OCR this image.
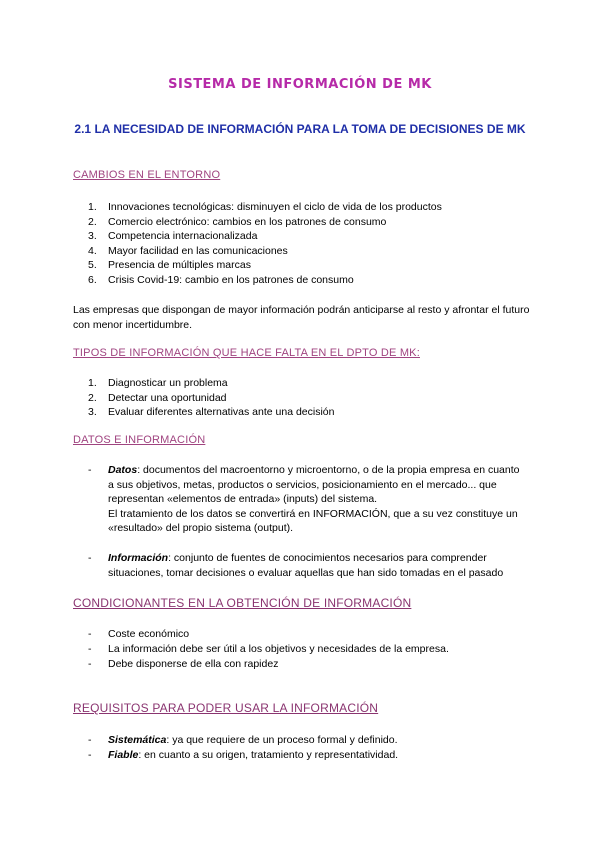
SISTEMA DE INFORMACIÓN DE MK
2.1 LA NECESIDAD DE INFORMACIÓN PARA LA TOMA DE DECISIONES DE MK
CAMBIOS EN EL ENTORNO
1. Innovaciones tecnológicas: disminuyen el ciclo de vida de los productos
2. Comercio electrónico: cambios en los patrones de consumo
3. Competencia internacionalizada
4. Mayor facilidad en las comunicaciones
5. Presencia de múltiples marcas
6. Crisis Covid-19: cambio en los patrones de consumo
Las empresas que dispongan de mayor información podrán anticiparse al resto y afrontar el futuro con menor incertidumbre.
TIPOS DE INFORMACIÓN QUE HACE FALTA EN EL DPTO DE MK:
1. Diagnosticar un problema
2. Detectar una oportunidad
3. Evaluar diferentes alternativas ante una decisión
DATOS E INFORMACIÓN
-	Datos: documentos del macroentorno y microentorno, o de la propia empresa en cuanto a sus objetivos, metas, productos o servicios, posicionamiento en el mercado... que representan «elementos de entrada» (inputs) del sistema.
El tratamiento de los datos se convertirá en INFORMACIÓN, que a su vez constituye un «resultado» del propio sistema (output).
-	Información: conjunto de fuentes de conocimientos necesarios para comprender situaciones, tomar decisiones o evaluar aquellas que han sido tomadas en el pasado
CONDICIONANTES EN LA OBTENCIÓN DE INFORMACIÓN
-	Coste económico
-	La información debe ser útil a los objetivos y necesidades de la empresa.
-	Debe disponerse de ella con rapidez
REQUISITOS PARA PODER USAR LA INFORMACIÓN
-	Sistemática: ya que requiere de un proceso formal y definido.
-	Fiable: en cuanto a su origen, tratamiento y representatividad.
